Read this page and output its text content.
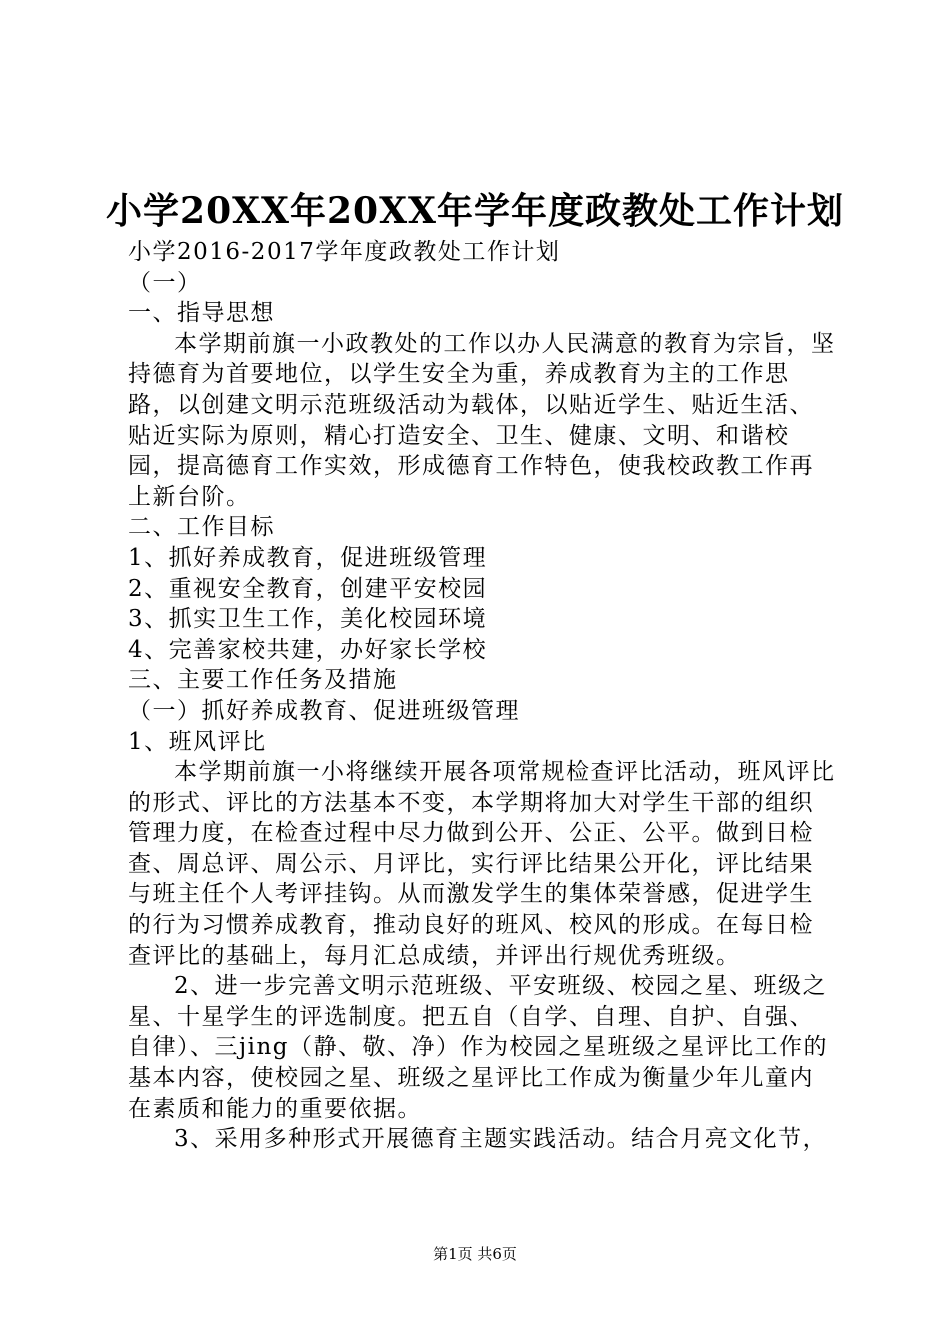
小学20XX年20XX年学年度政教处工作计划

小学2016-2017学年度政教处工作计划

（一）

一、指导思想

本学期前旗一小政教处的工作以办人民满意的教育为宗旨，坚持德育为首要地位，以学生安全为重，养成教育为主的工作思路，以创建文明示范班级活动为载体，以贴近学生、贴近生活、贴近实际为原则，精心打造安全、卫生、健康、文明、和谐校园，提高德育工作实效，形成德育工作特色，使我校政教工作再上新台阶。

二、工作目标

1、抓好养成教育，促进班级管理

2、重视安全教育，创建平安校园

3、抓实卫生工作，美化校园环境

4、完善家校共建，办好家长学校

三、主要工作任务及措施

（一）抓好养成教育、促进班级管理

1、班风评比

本学期前旗一小将继续开展各项常规检查评比活动，班风评比的形式、评比的方法基本不变，本学期将加大对学生干部的组织管理力度，在检查过程中尽力做到公开、公正、公平。做到日检查、周总评、周公示、月评比，实行评比结果公开化，评比结果与班主任个人考评挂钩。从而激发学生的集体荣誉感，促进学生的行为习惯养成教育，推动良好的班风、校风的形成。在每日检查评比的基础上，每月汇总成绩，并评出行规优秀班级。

2、进一步完善文明示范班级、平安班级、校园之星、班级之星、十星学生的评选制度。把五自（自学、自理、自护、自强、自律）、三jing（静、敬、净）作为校园之星班级之星评比工作的基本内容，使校园之星、班级之星评比工作成为衡量少年儿童内在素质和能力的重要依据。

3、采用多种形式开展德育主题实践活动。结合月亮文化节，

第1页 共6页
